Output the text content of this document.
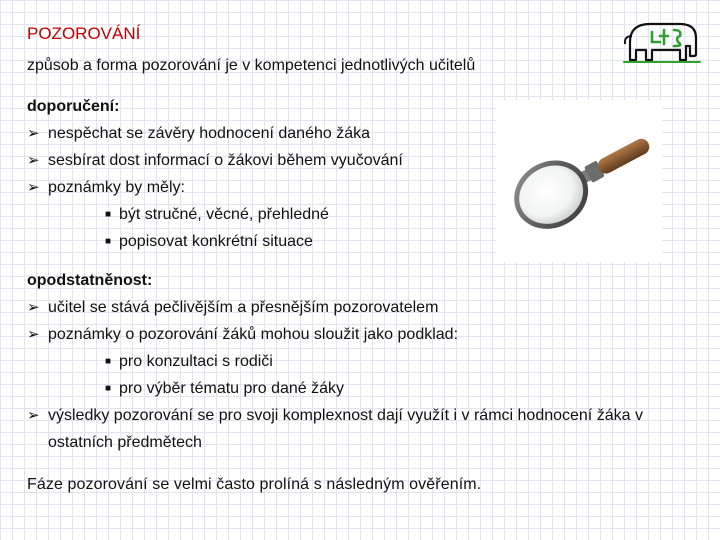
POZOROVÁNÍ
způsob a forma pozorování je v kompetenci jednotlivých učitelů
doporučení:
➢ nespěchat se závěry hodnocení daného žáka
➢ sesbírat dost informací o žákovi během vyučování
➢ poznámky by měly:
■ být stručné, věcné, přehledné
■ popisovat konkrétní situace
opodstatněnost:
➢ učitel se stává pečlivějším a přesnějším pozorovatelem
➢ poznámky o pozorování žáků mohou sloužit jako podklad:
■ pro konzultaci s rodiči
■ pro výběr tématu pro dané žáky
➢ výsledky pozorování se pro svoji komplexnost dají využít i v rámci hodnocení žáka v ostatních předmětech
Fáze pozorování se velmi často prolíná s následným ověřením.
